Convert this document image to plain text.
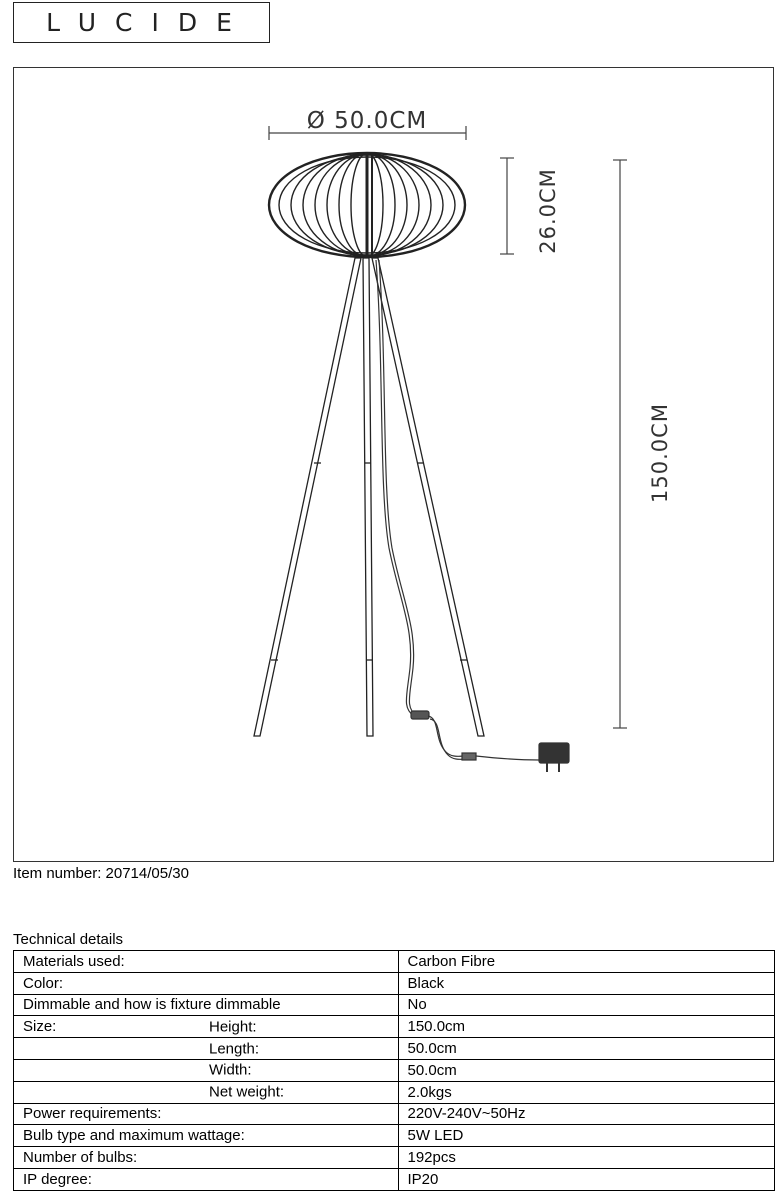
LUCIDE
Ø 50.0CM
26.0CM
150.0CM
Item number: 20714/05/30
Technical details
Materials used:	Carbon Fibre
Color:	Black
Dimmable and how is fixture dimmable	No
Size: Height:	150.0cm

Length:	50.0cm

Width:	50.0cm

Net weight:	2.0kgs
Power requirements:	220V-240V~50Hz
Bulb type and maximum wattage:	5W LED
Number of bulbs:	192pcs
IP degree:	IP20
